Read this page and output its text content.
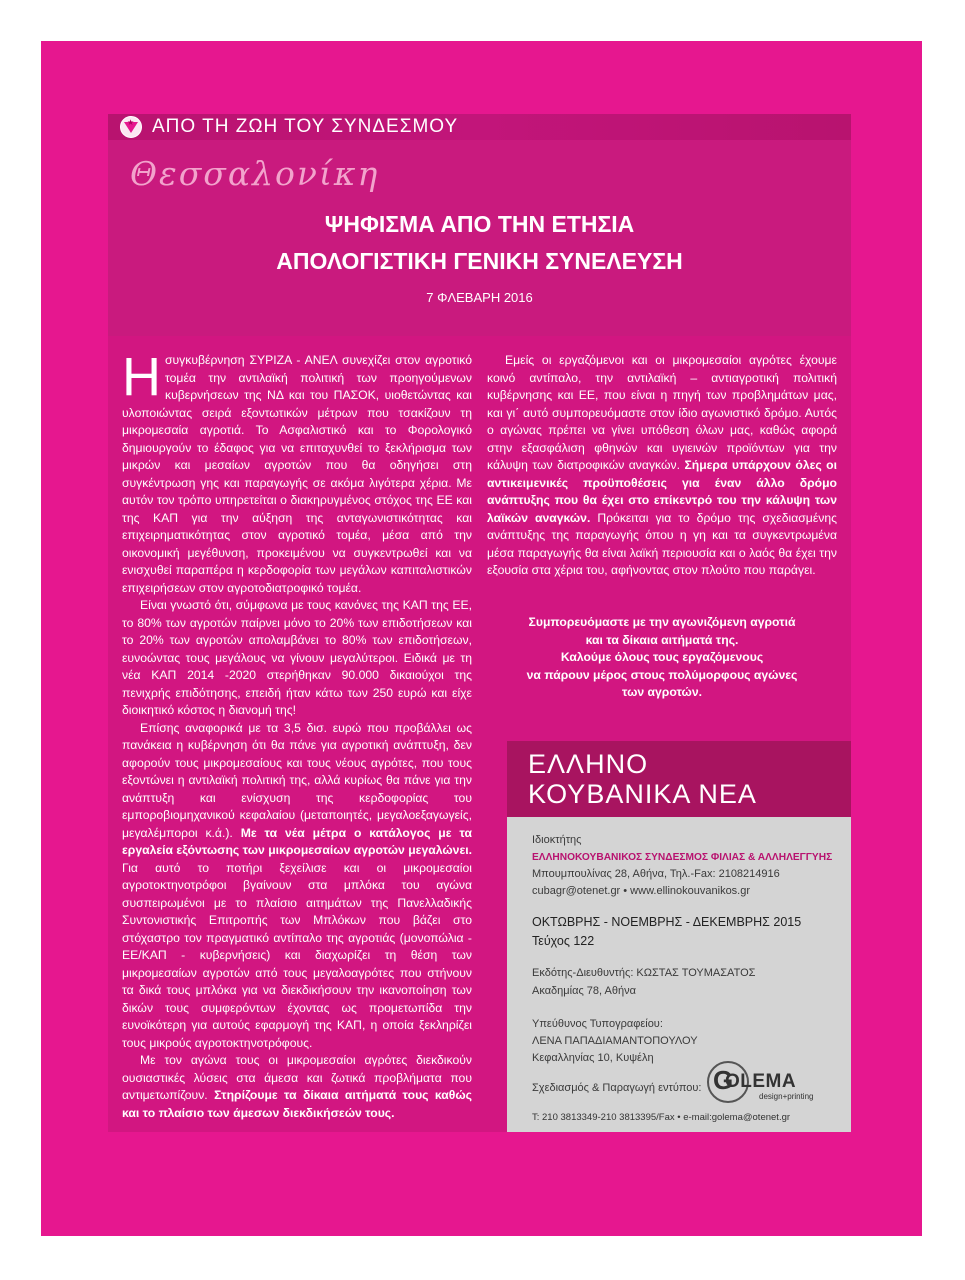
★ ΑΠΟ ΤΗ ΖΩΗ ΤΟΥ ΣΥΝΔΕΣΜΟΥ
Θεσσαλονίκη
ΨΗΦΙΣΜΑ ΑΠΟ ΤΗΝ ΕΤΗΣΙΑ
ΑΠΟΛΟΓΙΣΤΙΚΗ ΓΕΝΙΚΗ ΣΥΝΕΛΕΥΣΗ
7 ΦΛΕΒΑΡΗ 2016

Ησυγκυβέρνηση ΣΥΡΙΖΑ - ΑΝΕΛ συνεχίζει στον αγροτικό τομέα την αντιλαϊκή πολιτική των προηγούμενων κυβερνήσεων της ΝΔ και του ΠΑΣΟΚ, υιοθετώντας και υλοποιώντας σειρά εξοντωτικών μέτρων που τσακίζουν τη μικρομεσαία αγροτιά. Το Ασφαλιστικό και το Φορολογικό δημιουργούν το έδαφος για να επιταχυνθεί το ξεκλήρισμα των μικρών και μεσαίων αγροτών που θα οδηγήσει στη συγκέντρωση γης και παραγωγής σε ακόμα λιγότερα χέρια. Με αυτόν τον τρόπο υπηρετείται ο διακηρυγμένος στόχος της ΕΕ και της ΚΑΠ για την αύξηση της ανταγωνιστικότητας και επιχειρηματικότητας στον αγροτικό τομέα, μέσα από την οικονομική μεγέθυνση, προκειμένου να συγκεντρωθεί και να ενισχυθεί παραπέρα η κερδοφορία των μεγάλων καπιταλιστικών επιχειρήσεων στον αγροτοδιατροφικό τομέα.

Είναι γνωστό ότι, σύμφωνα με τους κανόνες της ΚΑΠ της ΕΕ, το 80% των αγροτών παίρνει μόνο το 20% των επιδοτήσεων και το 20% των αγροτών απολαμβάνει το 80% των επιδοτήσεων, ευνοώντας τους μεγάλους να γίνουν μεγαλύτεροι. Ειδικά με τη νέα ΚΑΠ 2014 -2020 στερήθηκαν 90.000 δικαιούχοι της πενιχρής επιδότησης, επειδή ήταν κάτω των 250 ευρώ και είχε διοικητικό κόστος η διανομή της!

Επίσης αναφορικά με τα 3,5 δισ. ευρώ που προβάλλει ως πανάκεια η κυβέρνηση ότι θα πάνε για αγροτική ανάπτυξη, δεν αφορούν τους μικρομεσαίους και τους νέους αγρότες, που τους εξοντώνει η αντιλαϊκή πολιτική της, αλλά κυρίως θα πάνε για την ανάπτυξη και ενίσχυση της κερδοφορίας του εμποροβιομηχανικού κεφαλαίου (μεταποιητές, μεγαλοεξαγωγείς, μεγαλέμποροι κ.ά.). Με τα νέα μέτρα ο κατάλογος με τα εργαλεία εξόντωσης των μικρομεσαίων αγροτών μεγαλώνει. Για αυτό το ποτήρι ξεχείλισε και οι μικρομεσαίοι αγροτοκτηνοτρόφοι βγαίνουν στα μπλόκα του αγώνα συσπειρωμένοι με το πλαίσιο αιτημάτων της Πανελλαδικής Συντονιστικής Επιτροπής των Μπλόκων που βάζει στο στόχαστρο τον πραγματικό αντίπαλο της αγροτιάς (μονοπώλια - ΕΕ/ΚΑΠ - κυβερνήσεις) και διαχωρίζει τη θέση των μικρομεσαίων αγροτών από τους μεγαλοαγρότες που στήνουν τα δικά τους μπλόκα για να διεκδικήσουν την ικανοποίηση των δικών τους συμφερόντων έχοντας ως προμετωπίδα την ευνοϊκότερη για αυτούς εφαρμογή της ΚΑΠ, η οποία ξεκληρίζει τους μικρούς αγροτοκτηνοτρόφους.

Με τον αγώνα τους οι μικρομεσαίοι αγρότες διεκδικούν ουσιαστικές λύσεις στα άμεσα και ζωτικά προβλήματα που αντιμετωπίζουν. Στηρίζουμε τα δίκαια αιτήματά τους καθώς και το πλαίσιο των άμεσων διεκδικήσεών τους.

Εμείς οι εργαζόμενοι και οι μικρομεσαίοι αγρότες έχουμε κοινό αντίπαλο, την αντιλαϊκή – αντιαγροτική πολιτική κυβέρνησης και ΕΕ, που είναι η πηγή των προβλημάτων μας, και γι΄ αυτό συμπορευόμαστε στον ίδιο αγωνιστικό δρόμο. Αυτός ο αγώνας πρέπει να γίνει υπόθεση όλων μας, καθώς αφορά στην εξασφάλιση φθηνών και υγιεινών προϊόντων για την κάλυψη των διατροφικών αναγκών. Σήμερα υπάρχουν όλες οι αντικειμενικές προϋποθέσεις για έναν άλλο δρόμο ανάπτυξης που θα έχει στο επίκεντρό του την κάλυψη των λαϊκών αναγκών. Πρόκειται για το δρόμο της σχεδιασμένης ανάπτυξης της παραγωγής όπου η γη και τα συγκεντρωμένα μέσα παραγωγής θα είναι λαϊκή περιουσία και ο λαός θα έχει την εξουσία στα χέρια του, αφήνοντας στον πλούτο που παράγει.

Συμπορευόμαστε με την αγωνιζόμενη αγροτιά
και τα δίκαια αιτήματά της.
Καλούμε όλους τους εργαζόμενους
να πάρουν μέρος στους πολύμορφους αγώνες
των αγροτών.
ΕΛΛΗΝΟ
ΚΟΥΒΑΝΙΚΑ ΝΕΑ
Ιδιοκτήτης
ΕΛΛΗΝΟΚΟΥΒΑΝΙΚΟΣ ΣΥΝΔΕΣΜΟΣ ΦΙΛΙΑΣ & ΑΛΛΗΛΕΓΓΥΗΣ
Μπουμπουλίνας 28, Αθήνα, Τηλ.-Fax: 2108214916
cubagr@otenet.gr • www.ellinokouvanikos.gr
ΟΚΤΩΒΡΗΣ - ΝΟΕΜΒΡΗΣ - ΔΕΚΕΜΒΡΗΣ 2015
Τεύχος 122
Εκδότης-Διευθυντής: ΚΩΣΤΑΣ ΤΟΥΜΑΣΑΤΟΣ
Ακαδημίας 78, Αθήνα
Υπεύθυνος Τυπογραφείου:
ΛΕΝΑ ΠΑΠΑΔΙΑΜΑΝΤΟΠΟΥΛΟΥ
Κεφαλληνίας 10, Κυψέλη
Σχεδιασμός & Παραγωγή εντύπου: G
OLEMA
design+printing
T: 210 3813349-210 3813395/Fax • e-mail:golema@otenet.gr
